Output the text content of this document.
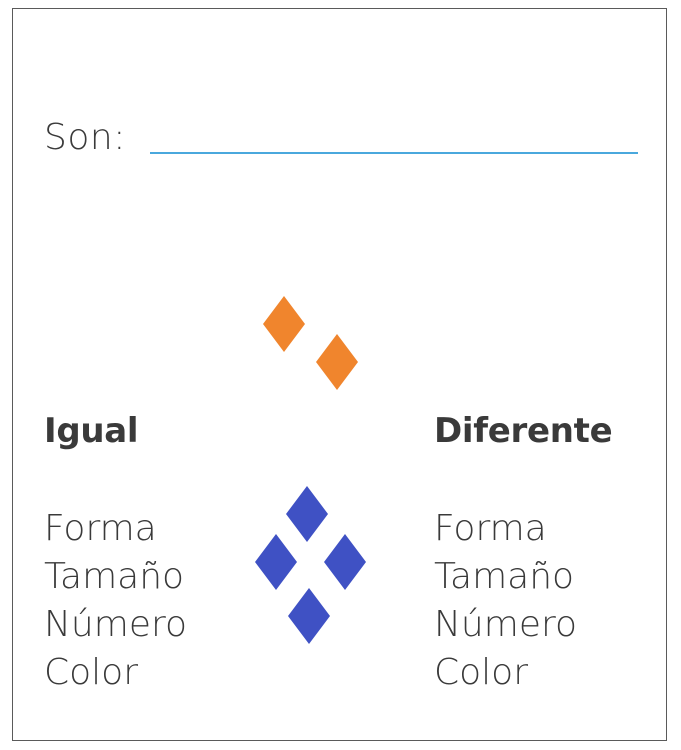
Son:
Igual	Diferente
Forma
Tamaño
Número
Color
Forma
Tamaño
Número
Color
